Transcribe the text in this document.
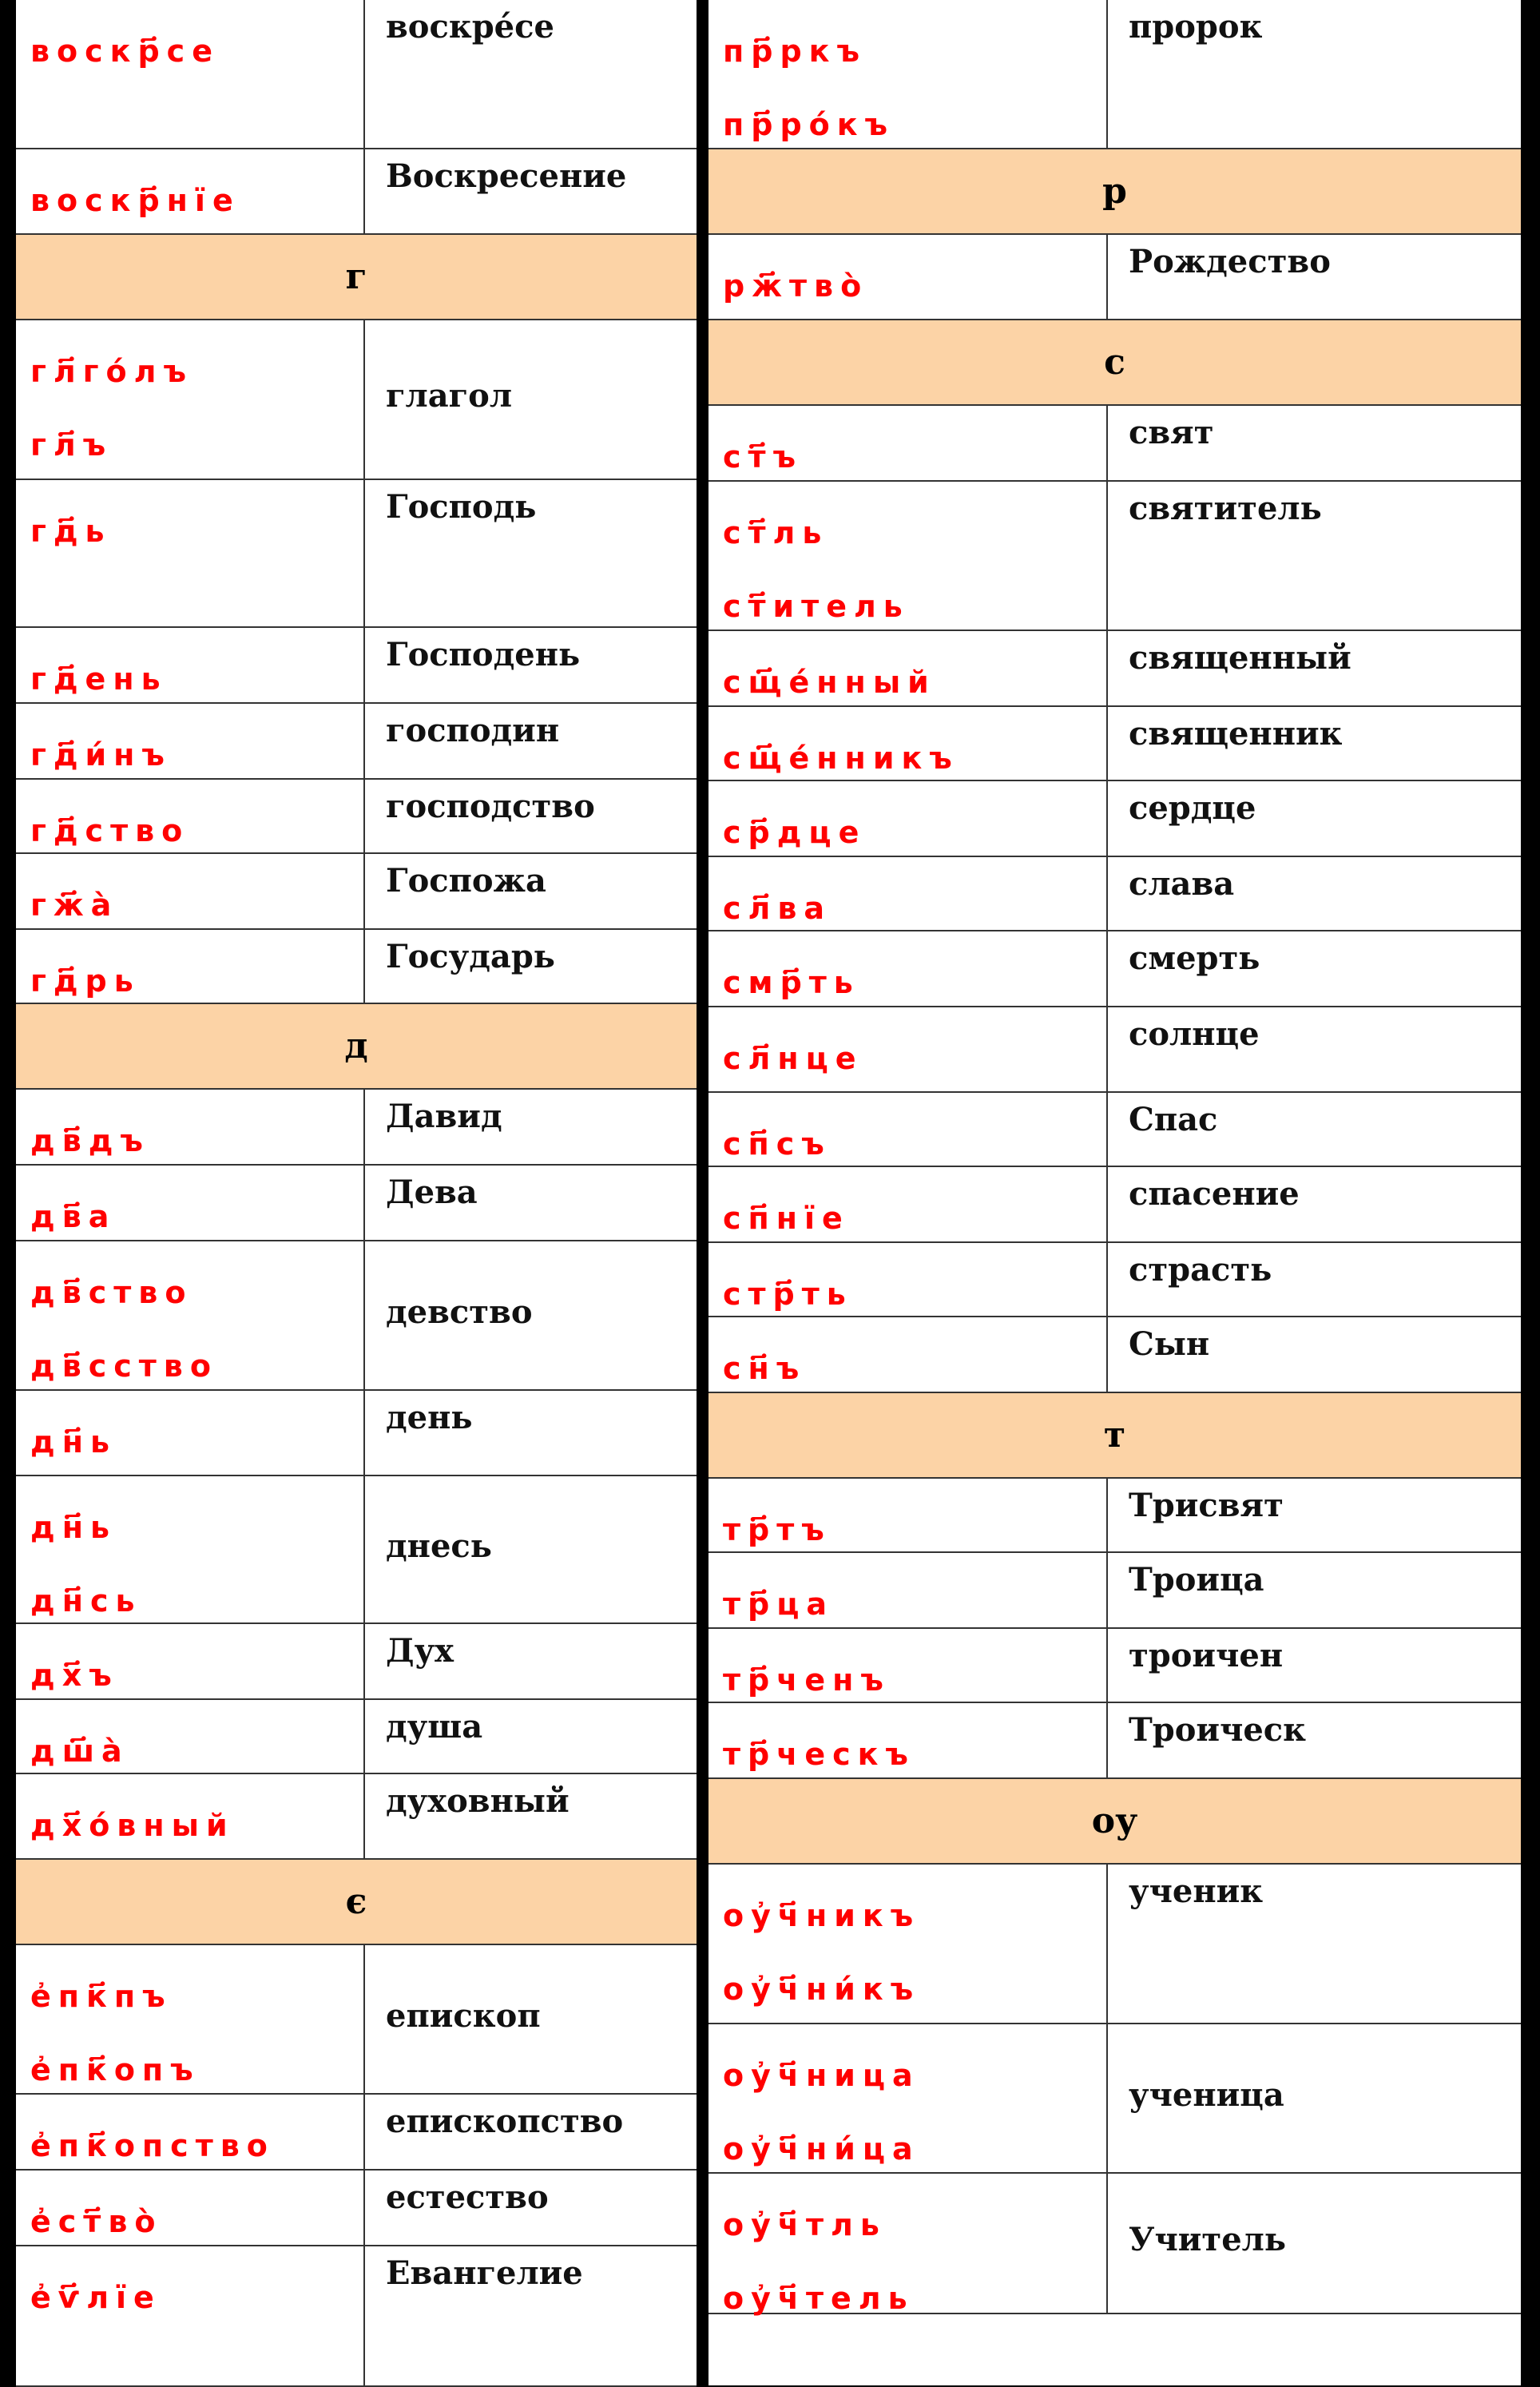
воскр҃се
воскре́се
воскр҃нїе
Воскресение
г
гл҃го́лъ
гл҃ъ
глагол
гд҃ь
Господь
гд҃ень
Господень
гд҃и́нъ
господин
гд҃ство
господство
гж҃а̀
Госпожа
гд҃рь
Государь
д
дв҃дъ
Давид
дв҃а
Дева
дв҃ство
дв҃сство
девство
дн҃ь
день
дн҃ь
дн҃сь
днесь
дх҃ъ
Дух
дш҃а̀
душа
дх҃о́вный
духовный
є
е҆пк҃пъ
е҆пк҃опъ
епископ
е҆пк҃опство
епископство
е҆ст҃во̀
естество
е҆ѵ҃лїе
Евангелие
пр҃ркъ
пр҃ро́къ
пророк
р
рж҃тво̀
Рождество
с
ст҃ъ
свят
ст҃ль
ст҃итель
святитель
сщ҃е́нный
священный
сщ҃е́нникъ
священник
ср҃дце
сердце
сл҃ва
слава
смр҃ть
смерть
сл҃нце
солнце
сп҃съ
Спас
сп҃нїе
спасение
стр҃ть
страсть
сн҃ъ
Сын
т
тр҃тъ
Трисвят
тр҃ца
Троица
тр҃ченъ
троичен
тр҃ческъ
Троическ
оу
оу҆ч҃никъ
оу҆ч҃ни́къ
ученик
оу҆ч҃ница
оу҆ч҃ни́ца
ученица
оу҆ч҃тль
оу҆ч҃тель
Учитель
